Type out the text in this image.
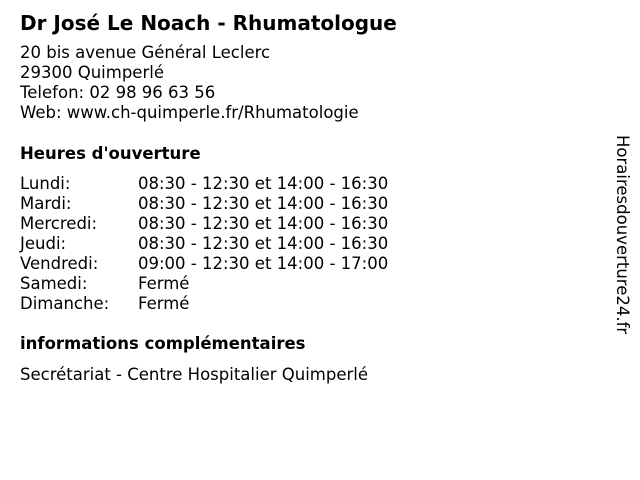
Dr José Le Noach - Rhumatologue
20 bis avenue Général Leclerc
29300 Quimperlé
Telefon: 02 98 96 63 56
Web: www.ch-quimperle.fr/Rhumatologie
Heures d'ouverture
Lundi:	08:30 - 12:30 et 14:00 - 16:30
Mardi:	08:30 - 12:30 et 14:00 - 16:30
Mercredi: 08:30 - 12:30 et 14:00 - 16:30
Jeudi:	08:30 - 12:30 et 14:00 - 16:30
Vendredi: 09:00 - 12:30 et 14:00 - 17:00
Samedi:	Fermé
Dimanche: Fermé
informations complémentaires
Secrétariat - Centre Hospitalier Quimperlé
Horairesdouverture24.fr
